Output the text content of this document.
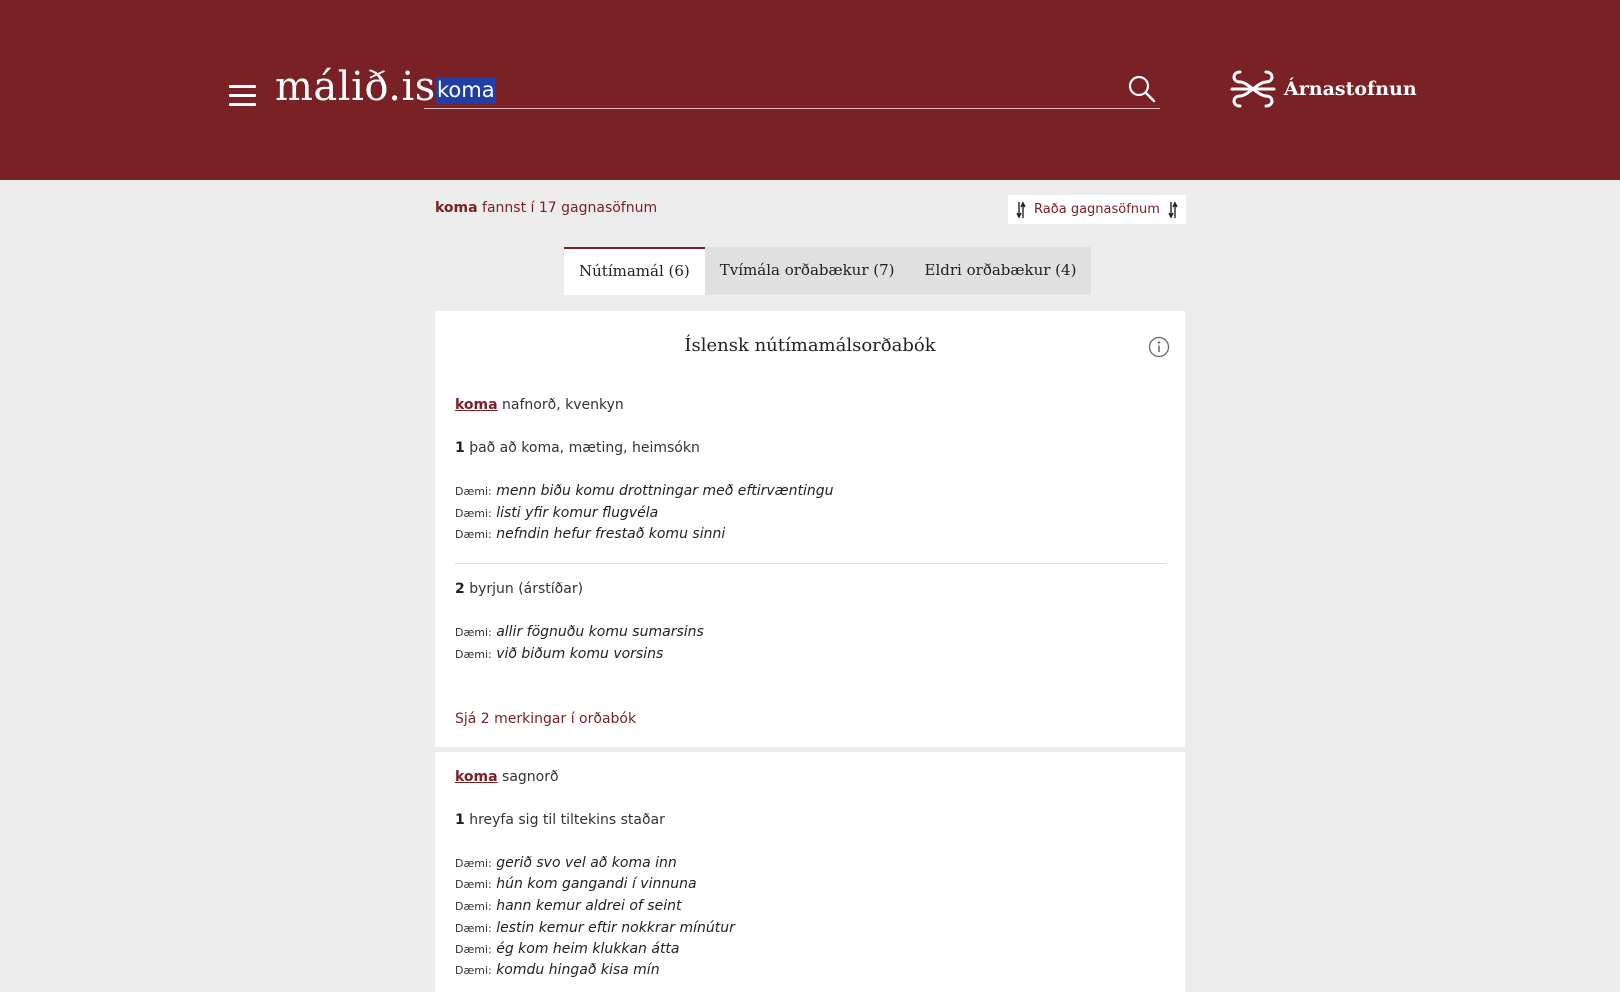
málið.is koma	Árnastofnun
koma fannst í 17 gagnasöfnum	Raða gagnasöfnum
Nútímamál (6)	Tvímála orðabækur (7)	Eldri orðabækur (4)
Íslensk nútímamálsorðabók
koma nafnorð, kvenkyn
1 það að koma, mæting, heimsókn
Dæmi: menn biðu komu drottningar með eftirvæntingu
Dæmi: listi yfir komur flugvéla
Dæmi: nefndin hefur frestað komu sinni
2 byrjun (árstíðar)
Dæmi: allir fögnuðu komu sumarsins
Dæmi: við biðum komu vorsins
Sjá 2 merkingar í orðabók
koma sagnorð
1 hreyfa sig til tiltekins staðar
Dæmi: gerið svo vel að koma inn
Dæmi: hún kom gangandi í vinnuna
Dæmi: hann kemur aldrei of seint
Dæmi: lestin kemur eftir nokkrar mínútur
Dæmi: ég kom heim klukkan átta
Dæmi: komdu hingað kisa mín
